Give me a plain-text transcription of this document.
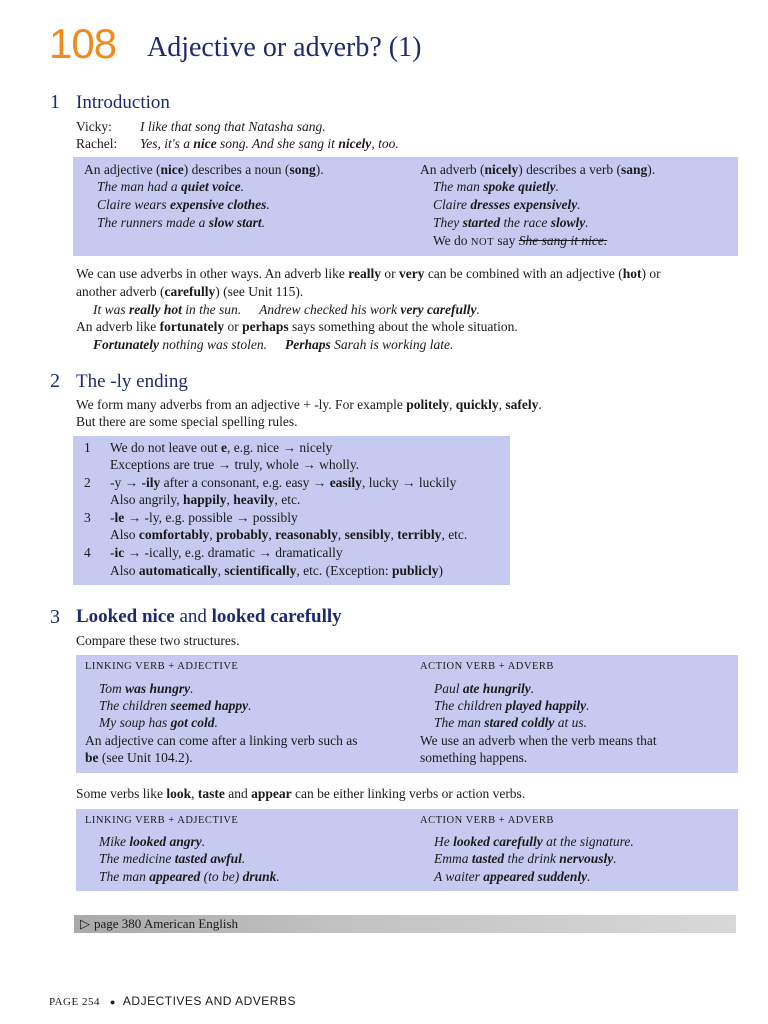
108 Adjective or adverb? (1)
1 Introduction
Vicky: I like that song that Natasha sang.
Rachel: Yes, it's a nice song. And she sang it nicely, too.
An adjective (nice) describes a noun (song).
The man had a quiet voice.
Claire wears expensive clothes.
The runners made a slow start.
An adverb (nicely) describes a verb (sang).
The man spoke quietly.
Claire dresses expensively.
They started the race slowly.
We do NOT say She sang it nice.
We can use adverbs in other ways. An adverb like really or very can be combined with an adjective (hot) or
another adverb (carefully) (see Unit 115).
It was really hot in the sun. Andrew checked his work very carefully.
An adverb like fortunately or perhaps says something about the whole situation.
Fortunately nothing was stolen. Perhaps Sarah is working late.
2 The -ly ending
We form many adverbs from an adjective + -ly. For example politely, quickly, safely.
But there are some special spelling rules.
1 We do not leave out e, e.g. nice → nicely
Exceptions are true → truly, whole → wholly.
2 -y → -ily after a consonant, e.g. easy → easily, lucky → luckily
Also angrily, happily, heavily, etc.
3 -le → -ly, e.g. possible → possibly
Also comfortably, probably, reasonably, sensibly, terribly, etc.
4 -ic → -ically, e.g. dramatic → dramatically
Also automatically, scientifically, etc. (Exception: publicly)
3 Looked nice and looked carefully
Compare these two structures.
LINKING VERB + ADJECTIVE
Tom was hungry.
The children seemed happy.
My soup has got cold.
An adjective can come after a linking verb such as
be (see Unit 104.2).
ACTION VERB + ADVERB
Paul ate hungrily.
The children played happily.
The man stared coldly at us.
We use an adverb when the verb means that
something happens.
Some verbs like look, taste and appear can be either linking verbs or action verbs.
LINKING VERB + ADJECTIVE
Mike looked angry.
The medicine tasted awful.
The man appeared (to be) drunk.
ACTION VERB + ADVERB
He looked carefully at the signature.
Emma tasted the drink nervously.
A waiter appeared suddenly.
▷ page 380 American English
PAGE 254 ● ADJECTIVES AND ADVERBS
